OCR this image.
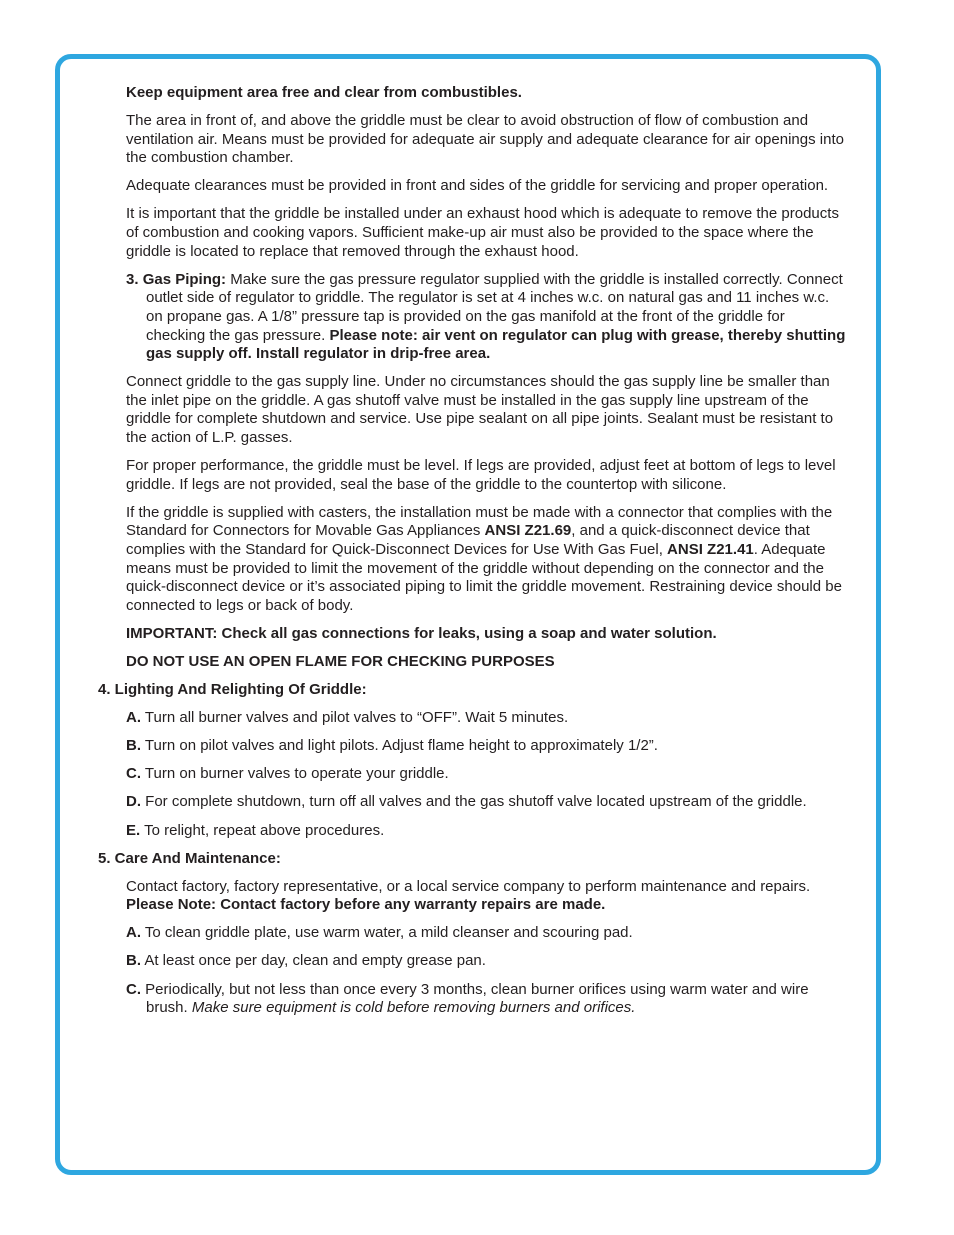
Keep equipment area free and clear from combustibles.

The area in front of, and above the griddle must be clear to avoid obstruction of flow of combustion and ventilation air. Means must be provided for adequate air supply and adequate clearance for air openings into the combustion chamber.

Adequate clearances must be provided in front and sides of the griddle for servicing and proper operation.

It is important that the griddle be installed under an exhaust hood which is adequate to remove the products of combustion and cooking vapors. Sufficient make-up air must also be provided to the space where the griddle is located to replace that removed through the exhaust hood.

3. Gas Piping: Make sure the gas pressure regulator supplied with the griddle is installed correctly. Connect outlet side of regulator to griddle. The regulator is set at 4 inches w.c. on natural gas and 11 inches w.c. on propane gas. A 1/8” pressure tap is provided on the gas manifold at the front of the griddle for checking the gas pressure. Please note: air vent on regulator can plug with grease, thereby shutting gas supply off. Install regulator in drip-free area.

Connect griddle to the gas supply line. Under no circumstances should the gas supply line be smaller than the inlet pipe on the griddle. A gas shutoff valve must be installed in the gas supply line upstream of the griddle for complete shutdown and service. Use pipe sealant on all pipe joints. Sealant must be resistant to the action of L.P. gasses.

For proper performance, the griddle must be level. If legs are provided, adjust feet at bottom of legs to level griddle. If legs are not provided, seal the base of the griddle to the countertop with silicone.

If the griddle is supplied with casters, the installation must be made with a connector that complies with the Standard for Connectors for Movable Gas Appliances ANSI Z21.69, and a quick-disconnect device that complies with the Standard for Quick-Disconnect Devices for Use With Gas Fuel, ANSI Z21.41. Adequate means must be provided to limit the movement of the griddle without depending on the connector and the quick-disconnect device or it’s associated piping to limit the griddle movement. Restraining device should be connected to legs or back of body.

IMPORTANT: Check all gas connections for leaks, using a soap and water solution.

DO NOT USE AN OPEN FLAME FOR CHECKING PURPOSES

4. Lighting And Relighting Of Griddle:

A. Turn all burner valves and pilot valves to “OFF”. Wait 5 minutes.

B. Turn on pilot valves and light pilots. Adjust flame height to approximately 1/2”.

C. Turn on burner valves to operate your griddle.

D. For complete shutdown, turn off all valves and the gas shutoff valve located upstream of the griddle.

E. To relight, repeat above procedures.

5. Care And Maintenance:

Contact factory, factory representative, or a local service company to perform maintenance and repairs. Please Note: Contact factory before any warranty repairs are made.

A. To clean griddle plate, use warm water, a mild cleanser and scouring pad.

B. At least once per day, clean and empty grease pan.

C. Periodically, but not less than once every 3 months, clean burner orifices using warm water and wire brush. Make sure equipment is cold before removing burners and orifices.
